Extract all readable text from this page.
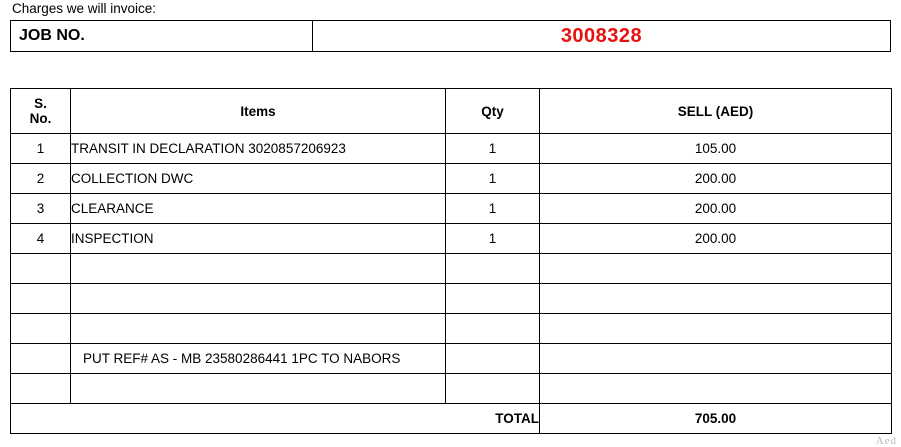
Charges we will invoice:
JOB NO.	3008328
S.
No.	Items	Qty	SELL (AED)
1	TRANSIT IN DECLARATION 3020857206923	1	105.00
2	COLLECTION DWC	1	200.00
3	CLEARANCE	1	200.00
4	INSPECTION	1	200.00

	PUT REF# AS - MB 23580286441 1PC TO NABORS		

TOTAL			705.00
Aed
